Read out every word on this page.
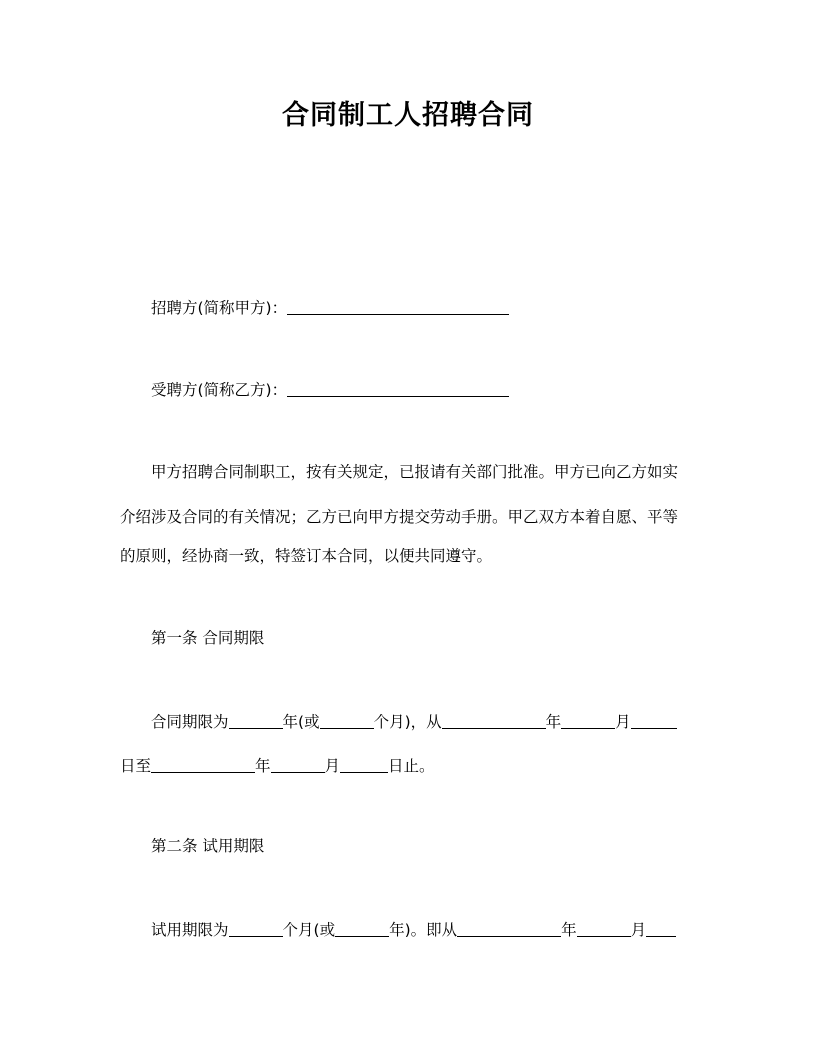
合同制工人招聘合同
招聘方(简称甲方)：
受聘方(简称乙方)：
甲方招聘合同制职工，按有关规定，已报请有关部门批准。甲方已向乙方如实
介绍涉及合同的有关情况；乙方已向甲方提交劳动手册。甲乙双方本着自愿、平等
的原则，经协商一致，特签订本合同，以便共同遵守。
第一条 合同期限
合同期限为	年(或	个月)，从	年	月
日至	年	月	日止。
第二条 试用期限
试用期限为	个月(或	年)。即从	年	月
